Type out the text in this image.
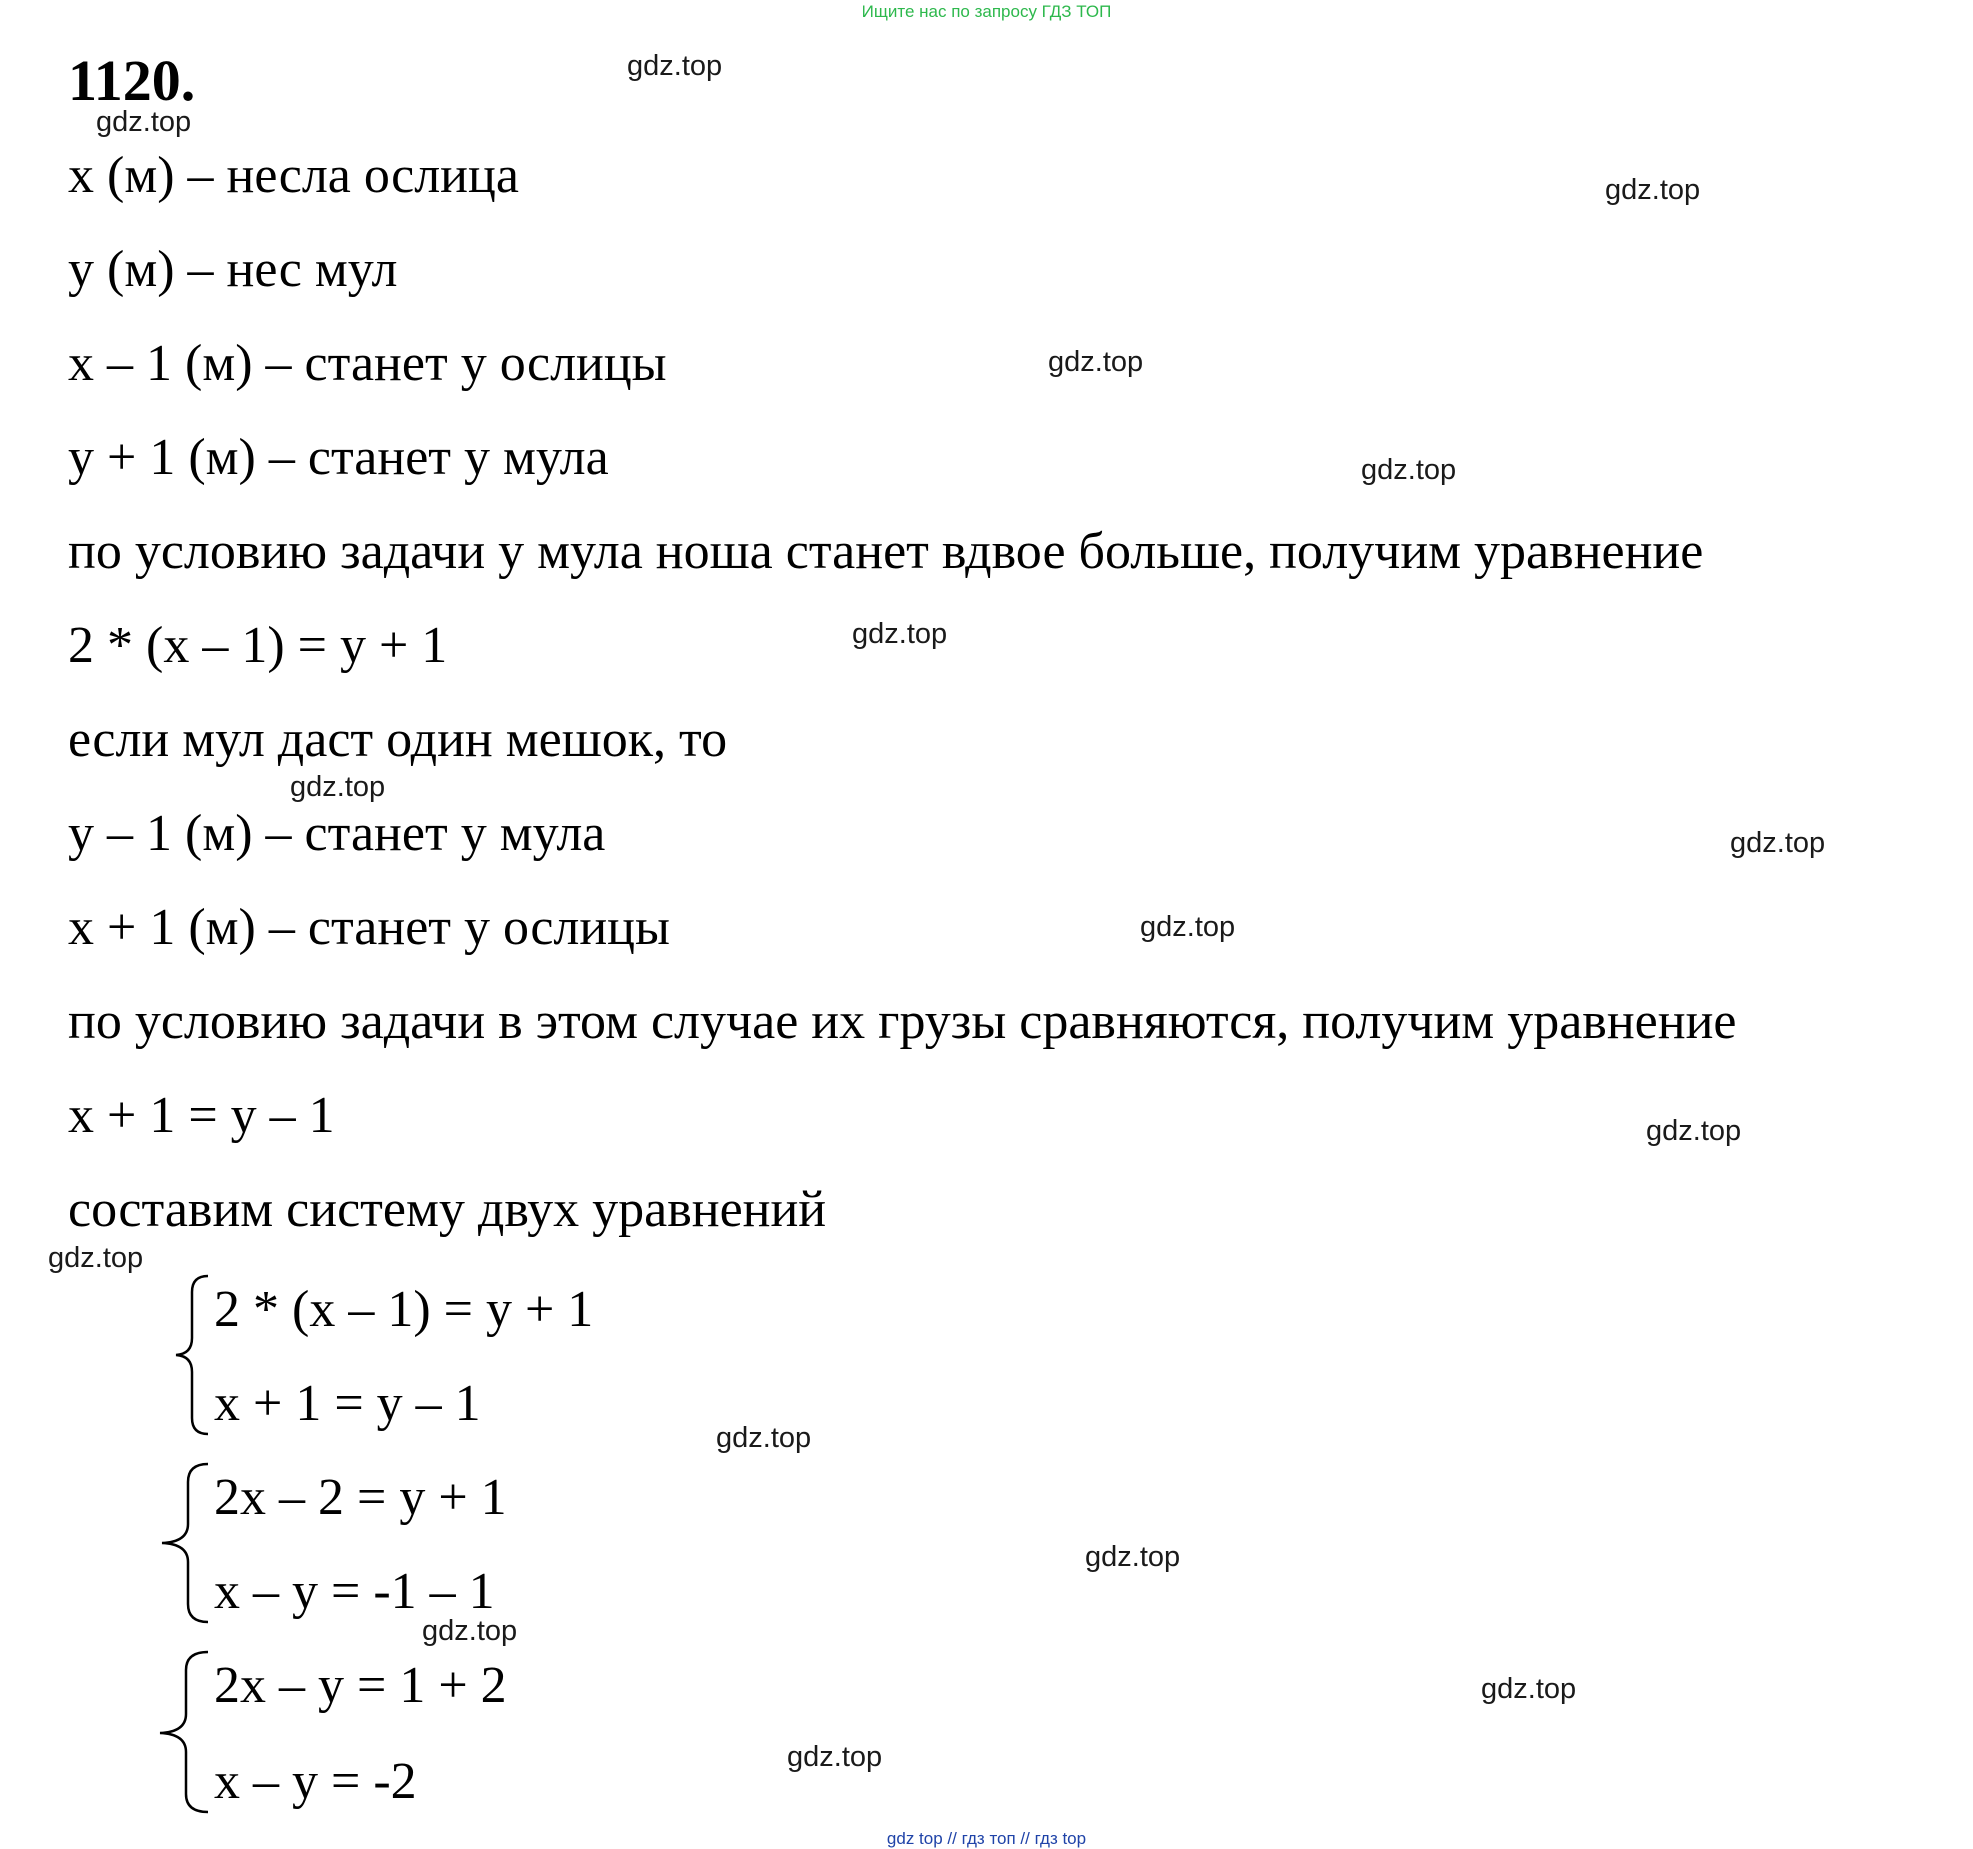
Ищите нас по запросу ГДЗ ТОП
1120.
x (м) – несла ослица
y (м) – нес мул
x – 1 (м) – станет у ослицы
y + 1 (м) – станет у мула
по условию задачи у мула ноша станет вдвое больше, получим уравнение
2 * (x – 1) = y + 1
если мул даст один мешок, то
y – 1 (м) – станет у мула
x + 1 (м) – станет у ослицы
по условию задачи в этом случае их грузы сравняются, получим уравнение
x + 1 = y – 1
составим систему двух уравнений
2 * (x – 1) = y + 1
x + 1 = y – 1
2x – 2 = y + 1
x – y = -1 – 1
2x – y = 1 + 2
x – y = -2
gdz.top
gdz.top
gdz.top
gdz.top
gdz.top
gdz.top
gdz.top
gdz.top
gdz.top
gdz.top
gdz.top
gdz.top
gdz.top
gdz.top
gdz.top
gdz.top
gdz top // гдз топ // гдз top
